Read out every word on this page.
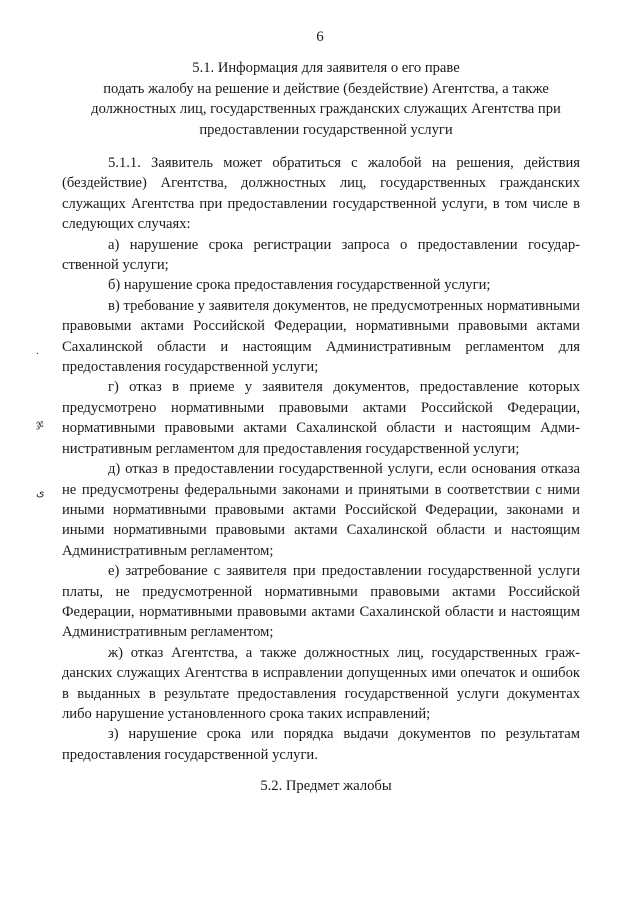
6
5.1. Информация для заявителя о его праве
подать жалобу на решение и действие (бездействие) Агентства, а также
должностных лиц, государственных гражданских служащих Агентства при
предоставлении государственной услуги

5.1.1. Заявитель может обратиться с жалобой на решения, действия (бездействие) Агентства, должностных лиц, государственных гражданских служащих Агентства при предоставлении государственной услуги, в том числе в следующих случаях:

а) нарушение срока регистрации запроса о предоставлении государственной услуги;

б) нарушение срока предоставления государственной услуги;

в) требование у заявителя документов, не предусмотренных нормативными правовыми актами Российской Федерации, нормативными правовыми актами Сахалинской области и настоящим Административным регламентом для предоставления государственной услуги;

г) отказ в приеме у заявителя документов, предоставление которых предусмотрено нормативными правовыми актами Российской Федерации, нормативными правовыми актами Сахалинской области и настоящим Административным регламентом для предоставления государственной услуги;

д) отказ в предоставлении государственной услуги, если основания отказа не предусмотрены федеральными законами и принятыми в соответствии с ними иными нормативными правовыми актами Российской Федерации, законами и иными нормативными правовыми актами Сахалинской области и настоящим Административным регламентом;

е) затребование с заявителя при предоставлении государственной услуги платы, не предусмотренной нормативными правовыми актами Российской Федерации, нормативными правовыми актами Сахалинской области и настоящим Административным регламентом;

ж) отказ Агентства, а также должностных лиц, государственных гражданских служащих Агентства в исправлении допущенных ими опечаток и ошибок в выданных в результате предоставления государственной услуги документах либо нарушение установленного срока таких исправлений;

з) нарушение срока или порядка выдачи документов по результатам предоставления государственной услуги.

5.2. Предмет жалобы
.
ჯ
ی
